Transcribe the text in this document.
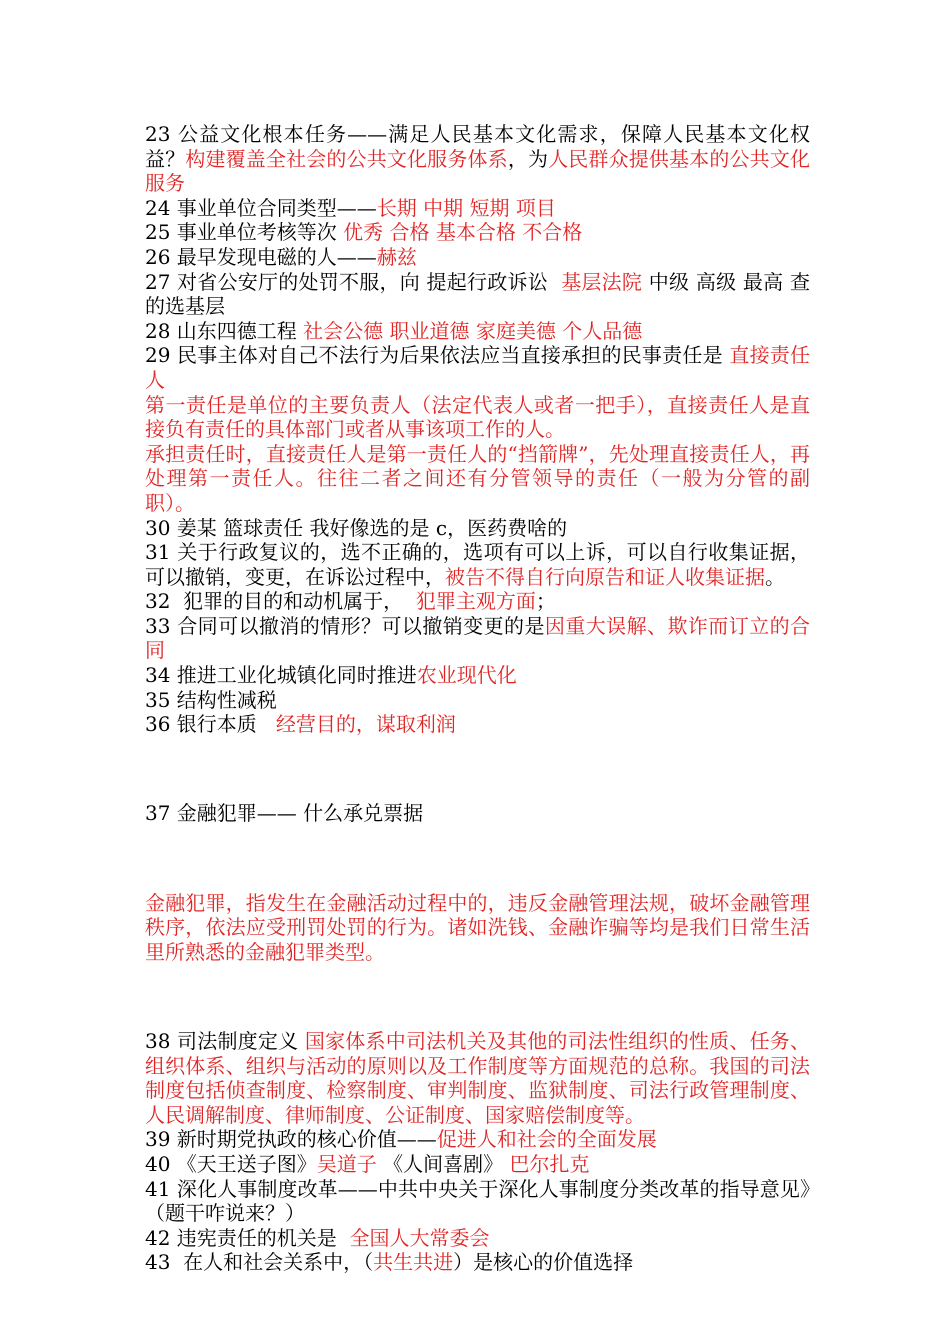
23 公益文化根本任务——满足人民基本文化需求，保障人民基本文化权益？构建覆盖全社会的公共文化服务体系，为人民群众提供基本的公共文化服务

24 事业单位合同类型——长期 中期 短期 项目

25 事业单位考核等次 优秀 合格 基本合格 不合格

26 最早发现电磁的人——赫兹

27 对省公安厅的处罚不服，向 提起行政诉讼  基层法院 中级 高级 最高 查的选基层

28 山东四德工程 社会公德 职业道德 家庭美德 个人品德

29 民事主体对自己不法行为后果依法应当直接承担的民事责任是 直接责任人

第一责任是单位的主要负责人（法定代表人或者一把手），直接责任人是直接负有责任的具体部门或者从事该项工作的人。

承担责任时，直接责任人是第一责任人的“挡箭牌”，先处理直接责任人，再处理第一责任人。往往二者之间还有分管领导的责任（一般为分管的副职）。

30 姜某 篮球责任 我好像选的是 c，医药费啥的

31 关于行政复议的，选不正确的，选项有可以上诉，可以自行收集证据，可以撤销，变更，在诉讼过程中，被告不得自行向原告和证人收集证据。

32  犯罪的目的和动机属于，  犯罪主观方面；

33 合同可以撤消的情形？可以撤销变更的是因重大误解、欺诈而订立的合同

34 推进工业化城镇化同时推进农业现代化

35 结构性减税

36 银行本质   经营目的，谋取利润

37 金融犯罪—— 什么承兑票据

金融犯罪，指发生在金融活动过程中的，违反金融管理法规，破坏金融管理秩序，依法应受刑罚处罚的行为。诸如洗钱、金融诈骗等均是我们日常生活里所熟悉的金融犯罪类型。

38 司法制度定义 国家体系中司法机关及其他的司法性组织的性质、任务、组织体系、组织与活动的原则以及工作制度等方面规范的总称。我国的司法制度包括侦查制度、检察制度、审判制度、监狱制度、司法行政管理制度、人民调解制度、律师制度、公证制度、国家赔偿制度等。

39 新时期党执政的核心价值——促进人和社会的全面发展

40 《天王送子图》吴道子 《人间喜剧》 巴尔扎克

41 深化人事制度改革——中共中央关于深化人事制度分类改革的指导意见》（题干咋说来？）

42 违宪责任的机关是  全国人大常委会

43  在人和社会关系中，（共生共进）是核心的价值选择
